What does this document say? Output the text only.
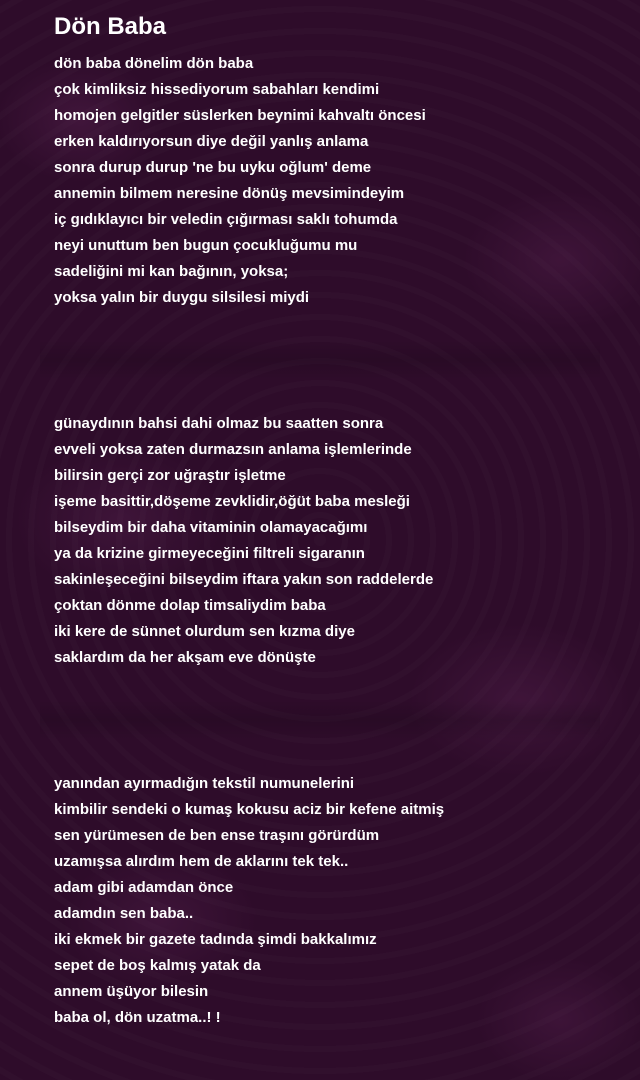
Dön Baba
dön baba dönelim dön baba
çok kimliksiz hissediyorum sabahları kendimi
homojen gelgitler süslerken beynimi kahvaltı öncesi
erken kaldırıyorsun diye değil yanlış anlama
sonra durup durup 'ne bu uyku oğlum' deme
annemin bilmem neresine dönüş mevsimindeyim
iç gıdıklayıcı bir veledin çığırması saklı tohumda
neyi unuttum ben bugun çocukluğumu mu
sadeliğini mi kan bağının, yoksa;
yoksa yalın bir duygu silsilesi miydi
günaydının bahsi dahi olmaz bu saatten sonra
evveli yoksa zaten durmazsın anlama işlemlerinde
bilirsin gerçi zor uğraştır işletme
işeme basittir,döşeme zevklidir,öğüt baba mesleği
bilseydim bir daha vitaminin olamayacağımı
ya da krizine girmeyeceğini filtreli sigaranın
sakinleşeceğini bilseydim iftara yakın son raddelerde
çoktan dönme dolap timsaliydim baba
iki kere de sünnet olurdum sen kızma diye
saklardım da her akşam eve dönüşte
yanından ayırmadığın tekstil numunelerini
kimbilir sendeki o kumaş kokusu aciz bir kefene aitmiş
sen yürümesen de ben ense traşını görürdüm
uzamışsa alırdım hem de aklarını tek tek..
adam gibi adamdan önce
adamdın sen baba..
iki ekmek bir gazete tadında şimdi bakkalımız
sepet de boş kalmış yatak da
annem üşüyor bilesin
baba ol, dön uzatma..! !
